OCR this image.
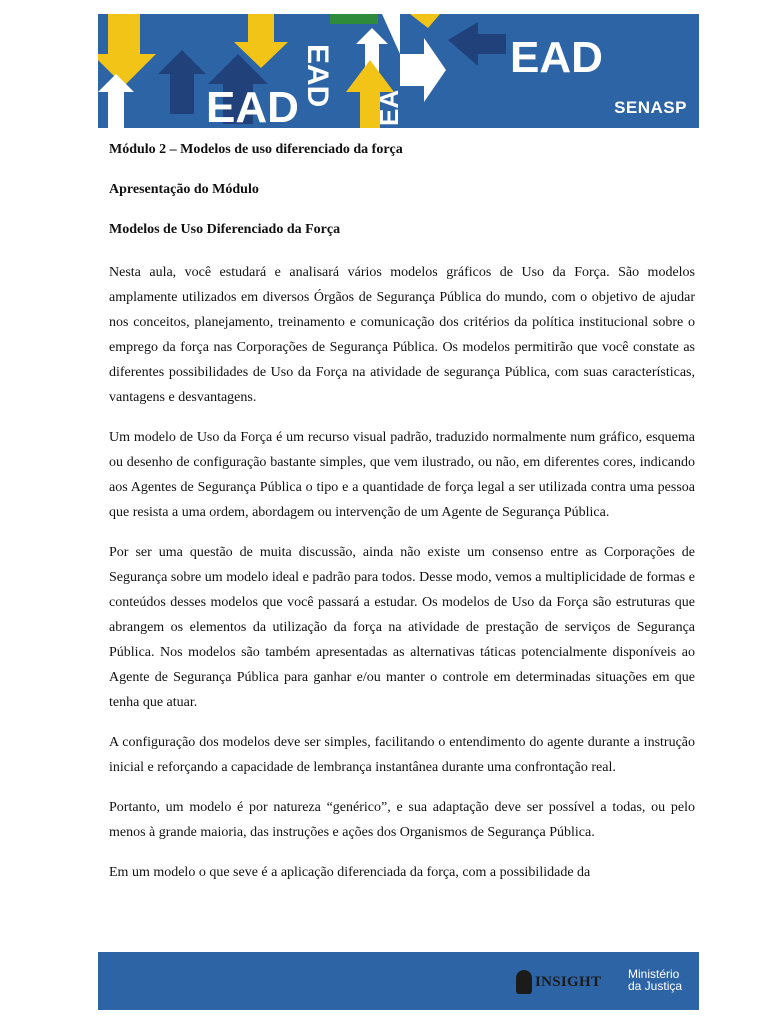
EAD
EAD
EAD
EA	SENASP
Módulo 2 – Modelos de uso diferenciado da força
Apresentação do Módulo
Modelos de Uso Diferenciado da Força

Nesta aula, você estudará e analisará vários modelos gráficos de Uso da Força. São modelos amplamente utilizados em diversos Órgãos de Segurança Pública do mundo, com o objetivo de ajudar nos conceitos, planejamento, treinamento e comunicação dos critérios da política institucional sobre o emprego da força nas Corporações de Segurança Pública. Os modelos permitirão que você constate as diferentes possibilidades de Uso da Força na atividade de segurança Pública, com suas características, vantagens e desvantagens.

Um modelo de Uso da Força é um recurso visual padrão, traduzido normalmente num gráfico, esquema ou desenho de configuração bastante simples, que vem ilustrado, ou não, em diferentes cores, indicando aos Agentes de Segurança Pública o tipo e a quantidade de força legal a ser utilizada contra uma pessoa que resista a uma ordem, abordagem ou intervenção de um Agente de Segurança Pública.

Por ser uma questão de muita discussão, ainda não existe um consenso entre as Corporações de Segurança sobre um modelo ideal e padrão para todos. Desse modo, vemos a multiplicidade de formas e conteúdos desses modelos que você passará a estudar. Os modelos de Uso da Força são estruturas que abrangem os elementos da utilização da força na atividade de prestação de serviços de Segurança Pública. Nos modelos são também apresentadas as alternativas táticas potencialmente disponíveis ao Agente de Segurança Pública para ganhar e/ou manter o controle em determinadas situações em que tenha que atuar.

A configuração dos modelos deve ser simples, facilitando o entendimento do agente durante a instrução inicial e reforçando a capacidade de lembrança instantânea durante uma confrontação real.

Portanto, um modelo é por natureza “genérico”, e sua adaptação deve ser possível a todas, ou pelo menos à grande maioria, das instruções e ações dos Organismos de Segurança Pública.

Em um modelo o que seve é a aplicação diferenciada da força, com a possibilidade da

INSIGHT Ministério
da Justiça
